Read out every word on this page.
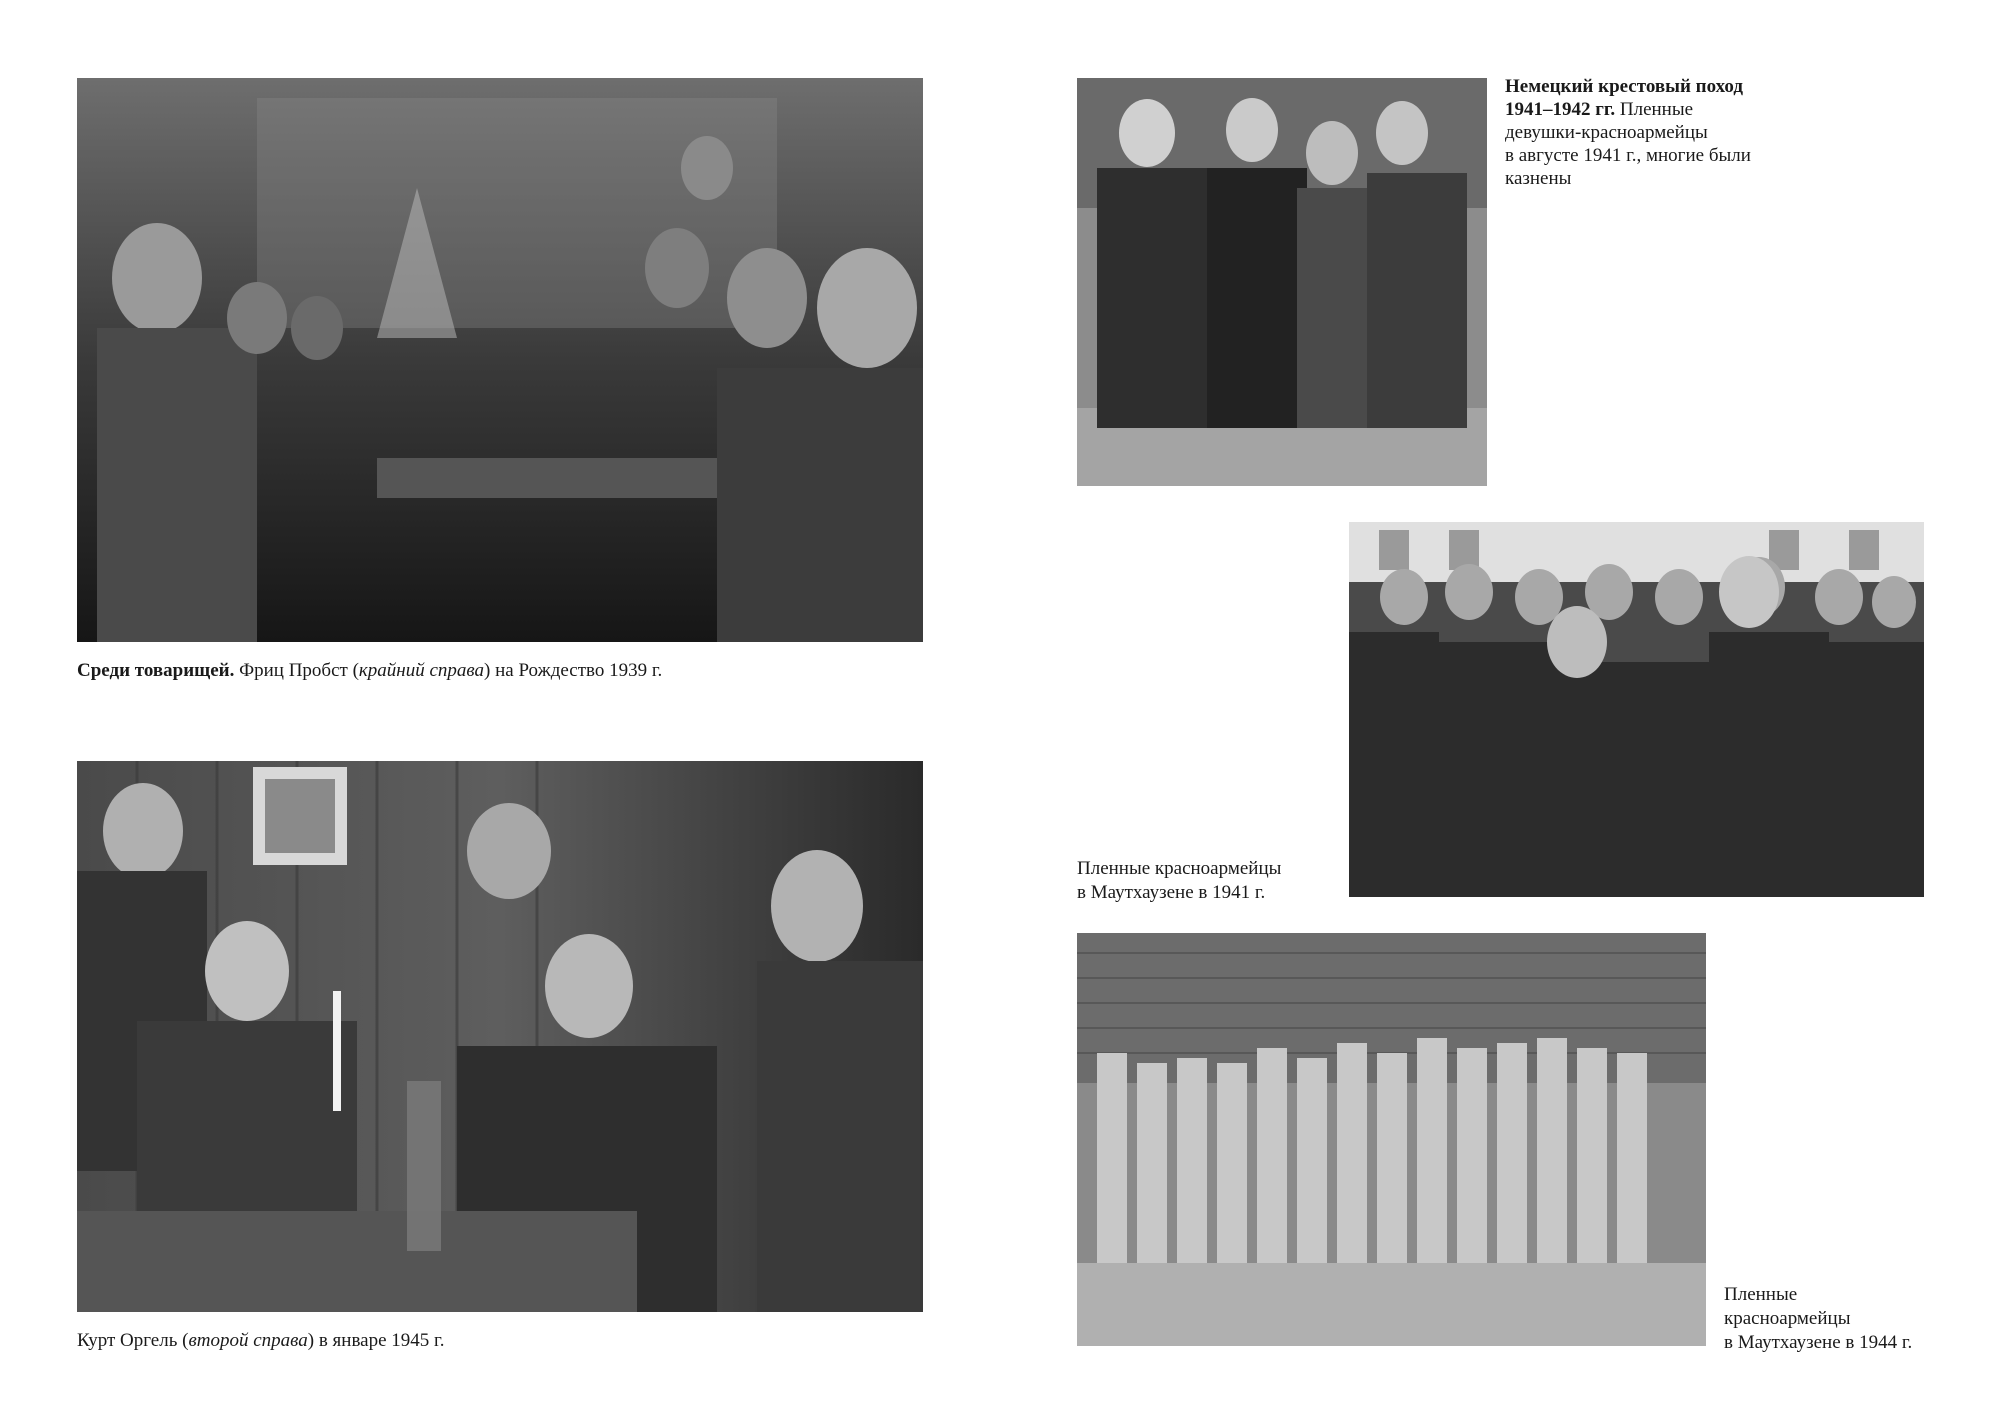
Среди товарищей. Фриц Пробст (крайний справа) на Рождество 1939 г.
Курт Оргель (второй справа) в январе 1945 г.
Немецкий крестовый поход
1941–1942 гг. Пленные
девушки-красноармейцы
в августе 1941 г., многие были
казнены
Пленные красноармейцы
в Маутхаузене в 1941 г.
Пленные
красноармейцы
в Маутхаузене в 1944 г.
